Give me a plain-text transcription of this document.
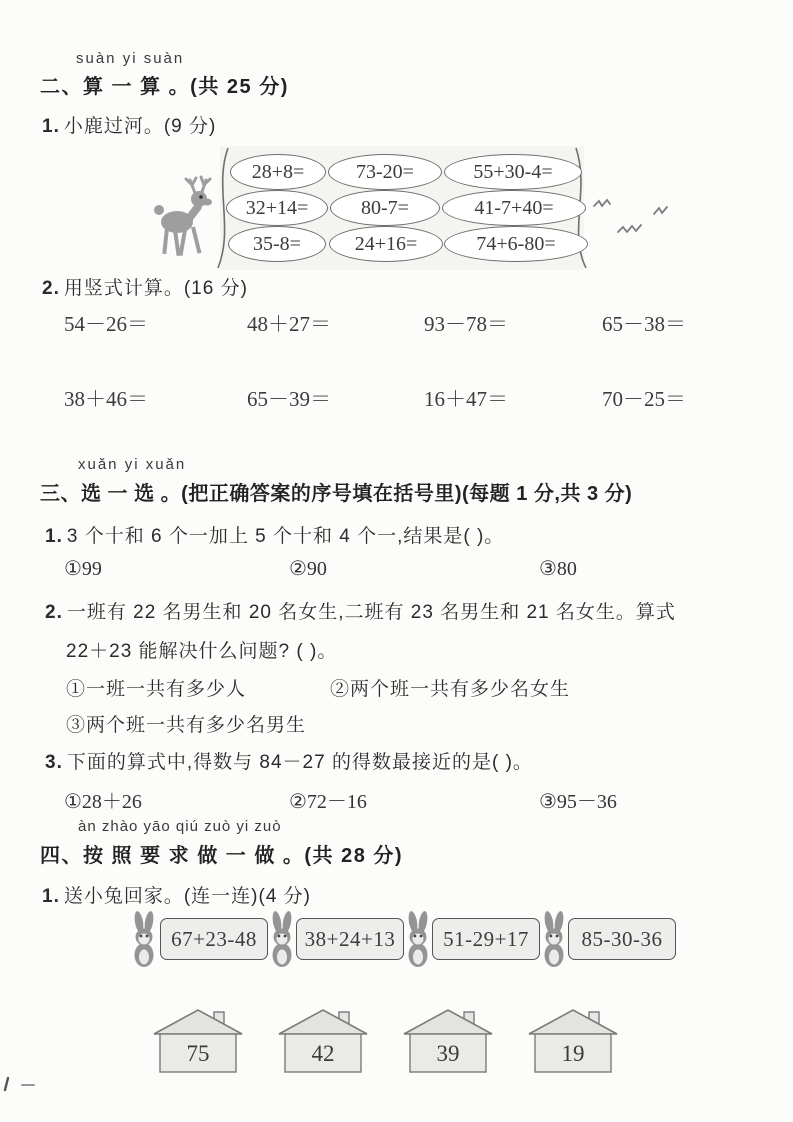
suàn yi suàn
二、算 一 算 。(共 25 分)
1. 小鹿过河。(9 分)
28+8=	73-20=	55+30-4=
32+14=	80-7=	41-7+40=
35-8=	24+16=	74+6-80=
2. 用竖式计算。(16 分)
54－26＝	48＋27＝	93－78＝	65－38＝
38＋46＝	65－39＝	16＋47＝	70－25＝
xuǎn yi xuǎn
三、选 一 选 。(把正确答案的序号填在括号里)(每题 1 分,共 3 分)
1. 3 个十和 6 个一加上 5 个十和 4 个一,结果是( )。
①99	②90	③80
2. 一班有 22 名男生和 20 名女生,二班有 23 名男生和 21 名女生。算式
22＋23 能解决什么问题? ( )。
①一班一共有多少人	②两个班一共有多少名女生
③两个班一共有多少名男生
3. 下面的算式中,得数与 84－27 的得数最接近的是( )。
①28＋26	②72－16	③95－36
àn zhào yāo qiú zuò yi zuò
四、按 照 要 求 做 一 做 。(共 28 分)
1. 送小兔回家。(连一连)(4 分)
67+23-48 38+24+13 51-29+17	85-30-36
75	42	39	19
